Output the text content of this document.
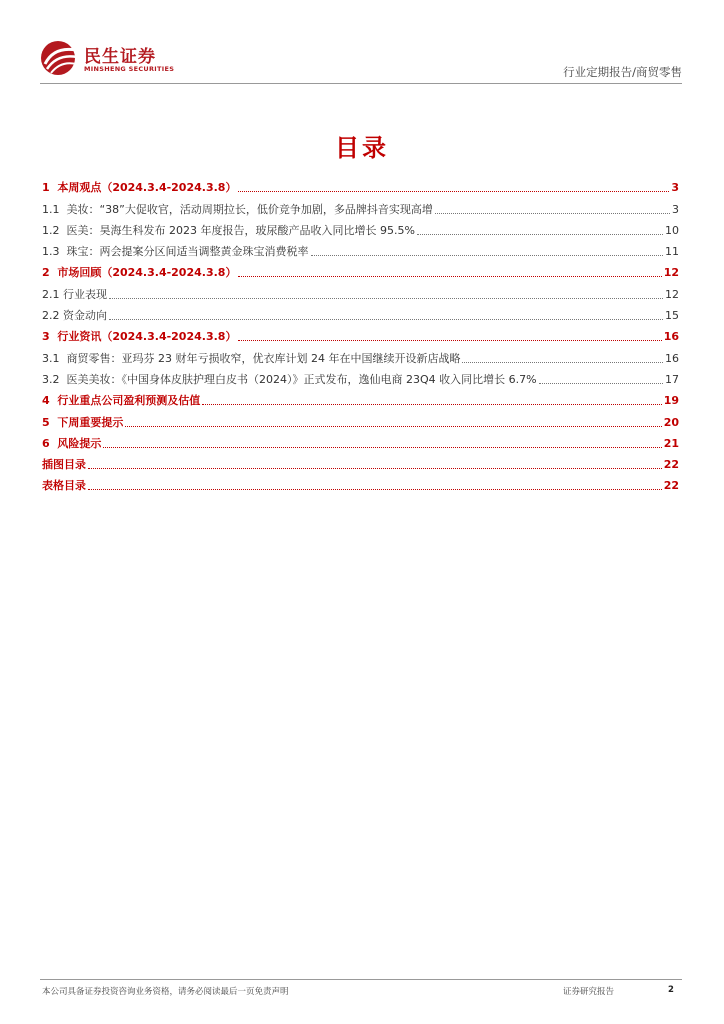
民生证券
MINSHENG SECURITIES	行业定期报告/商贸零售
目录
1  本周观点（2024.3.4-2024.3.8）	3
1.1  美妆：“38”大促收官，活动周期拉长，低价竞争加剧，多品牌抖音实现高增	3
1.2  医美：昊海生科发布 2023 年度报告，玻尿酸产品收入同比增长 95.5%	10
1.3  珠宝：两会提案分区间适当调整黄金珠宝消费税率	11
2  市场回顾（2024.3.4-2024.3.8）	12
2.1 行业表现	12
2.2 资金动向	15
3  行业资讯（2024.3.4-2024.3.8）	16
3.1  商贸零售：亚玛芬 23 财年亏损收窄，优衣库计划 24 年在中国继续开设新店战略	16
3.2  医美美妆：《中国身体皮肤护理白皮书（2024）》正式发布，逸仙电商 23Q4 收入同比增长 6.7%	17
4  行业重点公司盈利预测及估值	19
5  下周重要提示	20
6  风险提示	21
插图目录	22
表格目录	22
本公司具备证券投资咨询业务资格，请务必阅读最后一页免责声明	证券研究报告	2
